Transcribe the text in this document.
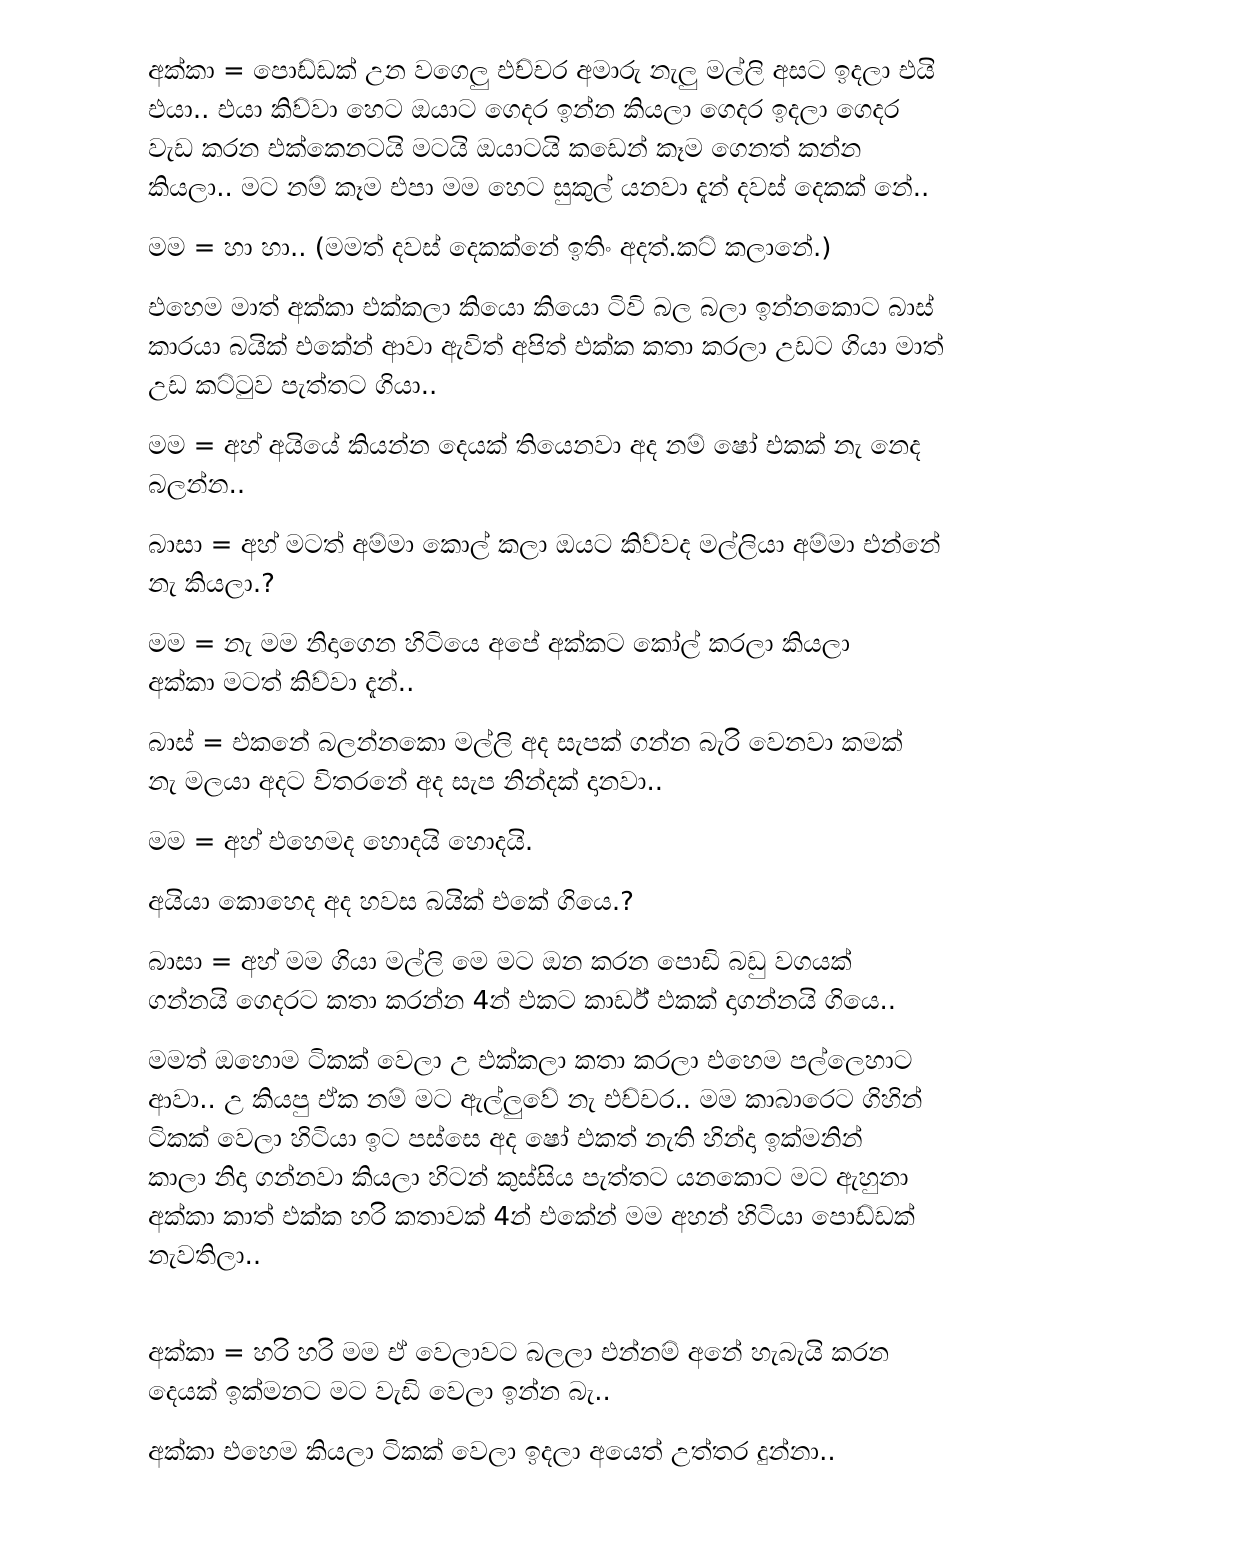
අක්කා = පොඩ්ඩක් උන වගෙලු එච්චර අමාරු නැලු මල්ලි අසට ඉදලා එයි
එයා.. එයා කිව්වා හෙට ඔයාට ගෙදර ඉන්න කියලා ගෙදර ඉදලා ගෙදර
වැඩ කරන එක්කෙනටයි මටයි ඔයාටයි කඩෙන් කෑම ගෙනත් කන්න
කියලා.. මට නම් කෑම එපා මම හෙට සුකුල් යනවා දැන් දවස් දෙකක් නේ..

මම = හා හා.. (මමත් දවස් දෙකක්නේ ඉතිං අදත්.කට් කලානේ.)

එහෙම මාත් අක්කා එක්කලා කියො කියො ටිවි බල බලා ඉන්නකොට බාස්
කාරයා බයික් එකේන් ආවා ඇවිත් අපිත් එක්ක කතා කරලා උඩට ගියා මාත්
උඩ කට්ටුව පැත්තට ගියා..

මම = අහ් අයියේ කියන්න දෙයක් තියෙනවා අද නම් ෂෝ එකක් නැ නෙද
බලන්න..

බාසා = අහ් මටත් අම්මා කොල් කලා ඔයට කිව්වද මල්ලියා අම්මා එන්නේ
නැ කියලා.?

මම = නැ මම නිදාගෙන හිටියෙ අපේ අක්කට කෝල් කරලා කියලා
අක්කා මටත් කිව්වා දැන්..

බාස් = එකනේ බලන්නකො මල්ලි අද සැපක් ගන්න බැරි වෙනවා කමක්
නැ මලයා අදට විතරනේ අද සැප නින්දක් දානවා..

මම = අහ් එහෙමද හොදයි හොදයි.

අයියා කොහෙද අද හවස බයික් එකේ ගියෙ.?

බාසා = අහ් මම ගියා මල්ලි මෙ මට ඔන කරන පොඩි බඩු වගයක්
ගන්නයි ගෙදරට කතා කරන්න 4න් එකට කාර්ඩ් එකක් දාගන්නයි ගියෙ..

මමත් ඔහොම ටිකක් වෙලා උ එක්කලා කතා කරලා එහෙම පල්ලෙහාට
ආවා.. උ කියපු ඒක නම් මට ඇල්ලුවේ නැ එච්චර.. මම කාබාරෙට ගිහින්
ටිකක් වෙලා හිටියා ඉට පස්සෙ අද ෂෝ එකත් නැති හින්දා ඉක්මනින්
කාලා නිදා ගන්නවා කියලා හිටන් කුස්සිය පැත්තට යනකොට මට ඇහුනා
අක්කා කාත් එක්ක හරි කතාවක් 4න් එකේන් මම අහන් හිටියා පොඩ්ඩක්
නැවතිලා..

අක්කා = හරි හරි මම ඒ වෙලාවට බලලා එන්නම් අනේ හැබැයි කරන
දෙයක් ඉක්මනට මට වැඩි වෙලා ඉන්න බැ..

අක්කා එහෙම කියලා ටිකක් වෙලා ඉදලා අයෙත් උත්තර දුන්නා..
